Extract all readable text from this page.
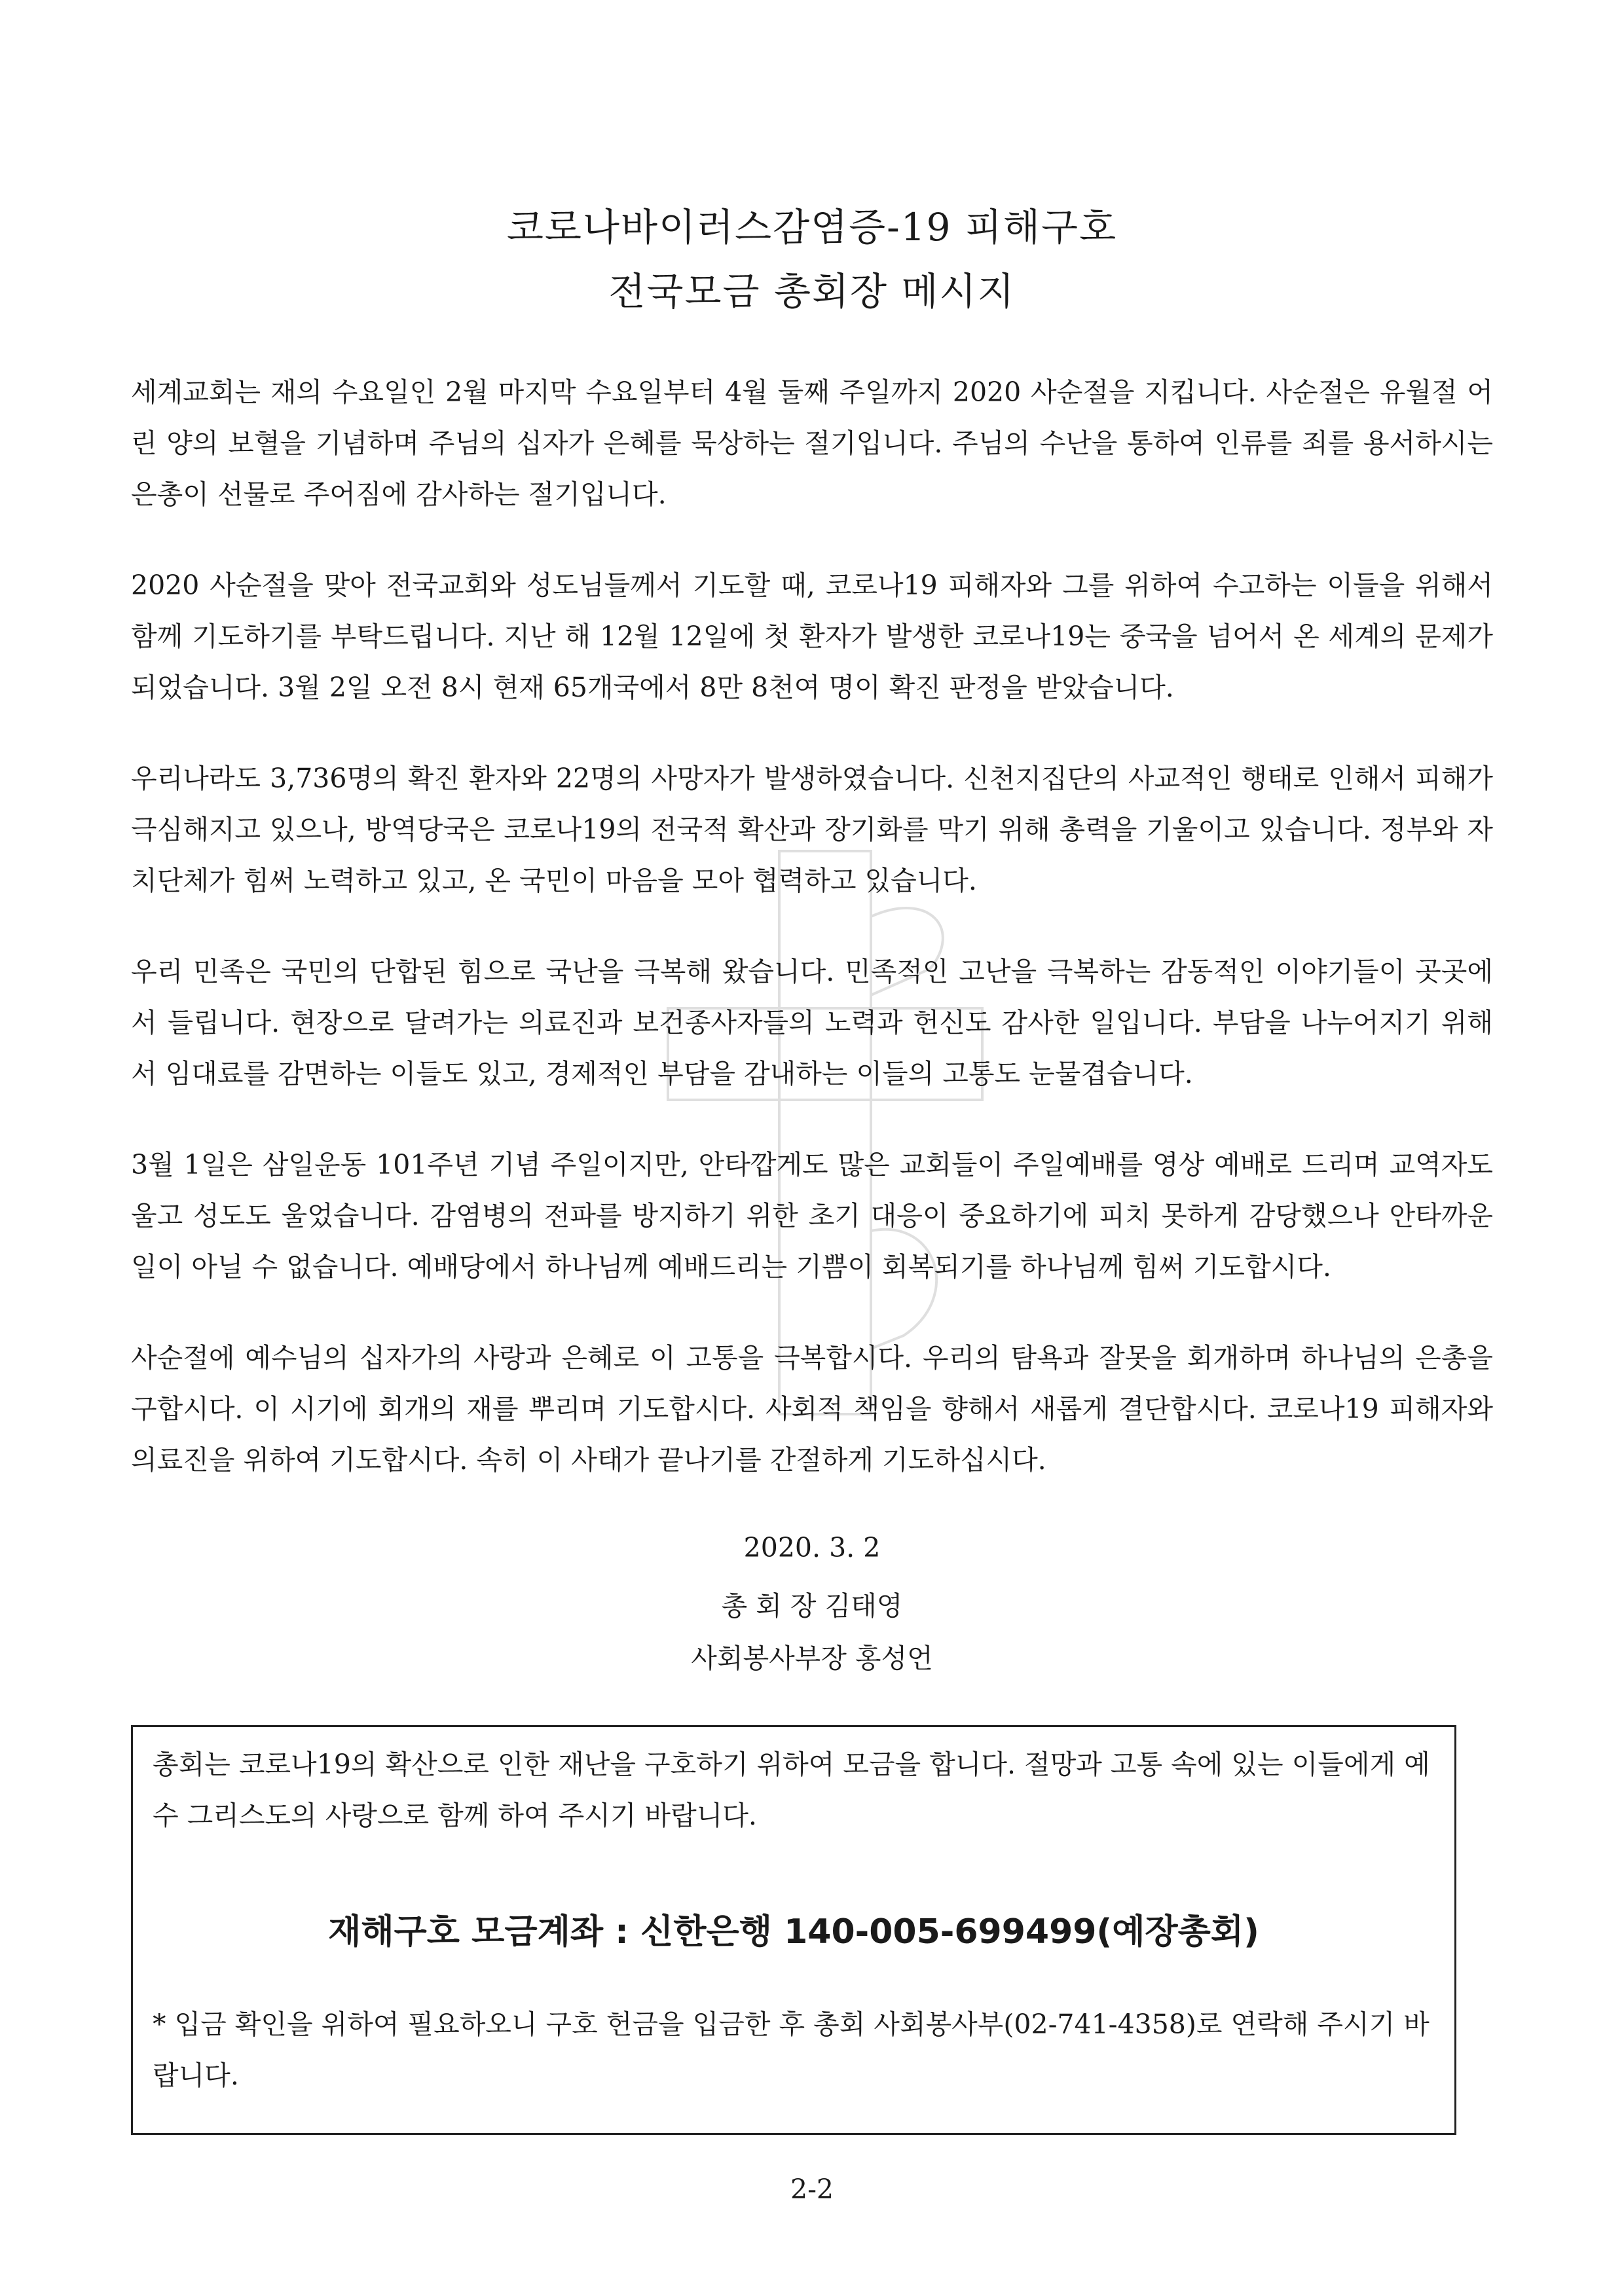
코로나바이러스감염증-19 피해구호
전국모금 총회장 메시지
세계교회는 재의 수요일인 2월 마지막 수요일부터 4월 둘째 주일까지 2020 사순절을 지킵니다. 사순절은 유월절 어린 양의 보혈을 기념하며 주님의 십자가 은혜를 묵상하는 절기입니다. 주님의 수난을 통하여 인류를 죄를 용서하시는 은총이 선물로 주어짐에 감사하는 절기입니다.
2020 사순절을 맞아 전국교회와 성도님들께서 기도할 때, 코로나19 피해자와 그를 위하여 수고하는 이들을 위해서 함께 기도하기를 부탁드립니다. 지난 해 12월 12일에 첫 환자가 발생한 코로나19는 중국을 넘어서 온 세계의 문제가 되었습니다. 3월 2일 오전 8시 현재 65개국에서 8만 8천여 명이 확진 판정을 받았습니다.
우리나라도 3,736명의 확진 환자와 22명의 사망자가 발생하였습니다. 신천지집단의 사교적인 행태로 인해서 피해가 극심해지고 있으나, 방역당국은 코로나19의 전국적 확산과 장기화를 막기 위해 총력을 기울이고 있습니다. 정부와 자치단체가 힘써 노력하고 있고, 온 국민이 마음을 모아 협력하고 있습니다.
우리 민족은 국민의 단합된 힘으로 국난을 극복해 왔습니다. 민족적인 고난을 극복하는 감동적인 이야기들이 곳곳에서 들립니다. 현장으로 달려가는 의료진과 보건종사자들의 노력과 헌신도 감사한 일입니다. 부담을 나누어지기 위해서 임대료를 감면하는 이들도 있고, 경제적인 부담을 감내하는 이들의 고통도 눈물겹습니다.
3월 1일은 삼일운동 101주년 기념 주일이지만, 안타깝게도 많은 교회들이 주일예배를 영상 예배로 드리며 교역자도 울고 성도도 울었습니다. 감염병의 전파를 방지하기 위한 초기 대응이 중요하기에 피치 못하게 감당했으나 안타까운 일이 아닐 수 없습니다. 예배당에서 하나님께 예배드리는 기쁨이 회복되기를 하나님께 힘써 기도합시다.
사순절에 예수님의 십자가의 사랑과 은혜로 이 고통을 극복합시다. 우리의 탐욕과 잘못을 회개하며 하나님의 은총을 구합시다. 이 시기에 회개의 재를 뿌리며 기도합시다. 사회적 책임을 향해서 새롭게 결단합시다. 코로나19 피해자와 의료진을 위하여 기도합시다. 속히 이 사태가 끝나기를 간절하게 기도하십시다.
2020. 3. 2
총 회 장 김태영
사회봉사부장 홍성언
총회는 코로나19의 확산으로 인한 재난을 구호하기 위하여 모금을 합니다. 절망과 고통 속에 있는 이들에게 예수 그리스도의 사랑으로 함께 하여 주시기 바랍니다.
재해구호 모금계좌 : 신한은행 140-005-699499(예장총회)
* 입금 확인을 위하여 필요하오니 구호 헌금을 입금한 후 총회 사회봉사부(02-741-4358)로 연락해 주시기 바랍니다.
2-2
